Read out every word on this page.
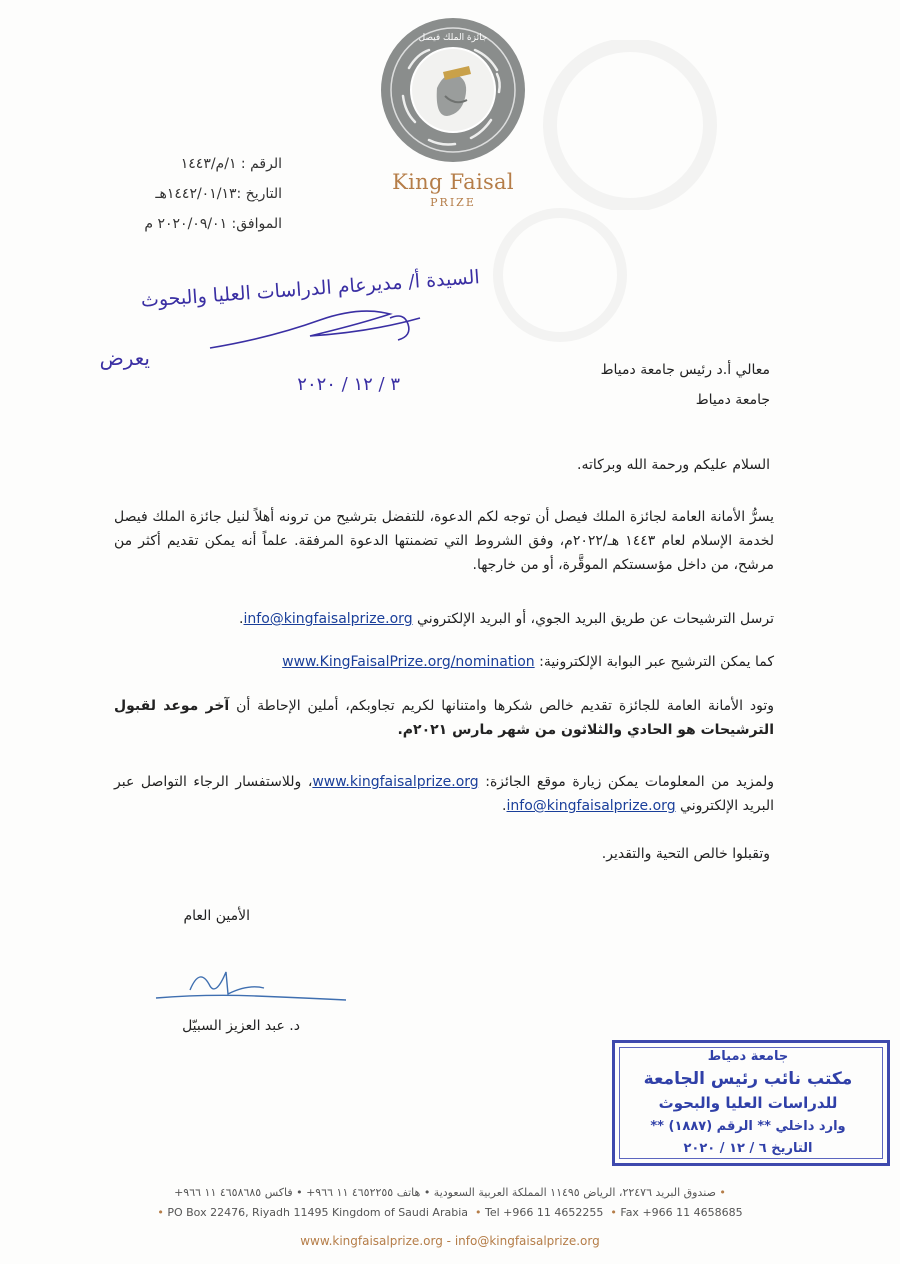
الرقم : ١/م/١٤٤٣
التاريخ :١٤٤٢/٠١/١٣هـ
الموافق: ٢٠٢٠/٠٩/٠١ م
جائزة الملك فيصل
King Faisal
PRIZE
السيدة أ/ مديرعام الدراسات العليا والبحوث
يعرض
٣ / ١٢ / ٢٠٢٠
معالي أ.د رئيس جامعة دمياط
جامعة دمياط
السلام عليكم ورحمة الله وبركاته.
يسرُّ الأمانة العامة لجائزة الملك فيصل أن توجه لكم الدعوة، للتفضل بترشيح من ترونه أهلاً لنيل جائزة الملك فيصل لخدمة الإسلام لعام ١٤٤٣ هـ/٢٠٢٢م، وفق الشروط التي تضمنتها الدعوة المرفقة. علماً أنه يمكن تقديم أكثر من مرشح، من داخل مؤسستكم الموقَّرة، أو من خارجها.
ترسل الترشيحات عن طريق البريد الجوي، أو البريد الإلكتروني info@kingfaisalprize.org.
كما يمكن الترشيح عبر البوابة الإلكترونية: www.KingFaisalPrize.org/nomination
وتود الأمانة العامة للجائزة تقديم خالص شكرها وامتنانها لكريم تجاوبكم، أملين الإحاطة أن آخر موعد لقبول الترشيحات هو الحادي والثلاثون من شهر مارس ٢٠٢١م.
ولمزيد من المعلومات يمكن زيارة موقع الجائزة: www.kingfaisalprize.org، وللاستفسار الرجاء التواصل عبر البريد الإلكتروني info@kingfaisalprize.org.
وتقبلوا خالص التحية والتقدير.
الأمين العام
د. عبد العزيز السبيّل
جامعة دمياط
مكتب نائب رئيس الجامعة
للدراسات العليا والبحوث
** وارد داخلي ** الرقم (١٨٨٧)
التاريخ ٦ / ١٢ / ٢٠٢٠
• صندوق البريد ٢٢٤٧٦، الرياض ١١٤٩٥ المملكة العربية السعودية • هاتف ٤٦٥٢٢٥٥ ١١ ٩٦٦+ • فاكس ٤٦٥٨٦٨٥ ١١ ٩٦٦+
• PO Box 22476, Riyadh 11495 Kingdom of Saudi Arabia • Tel +966 11 4652255 • Fax +966 11 4658685
www.kingfaisalprize.org - info@kingfaisalprize.org
